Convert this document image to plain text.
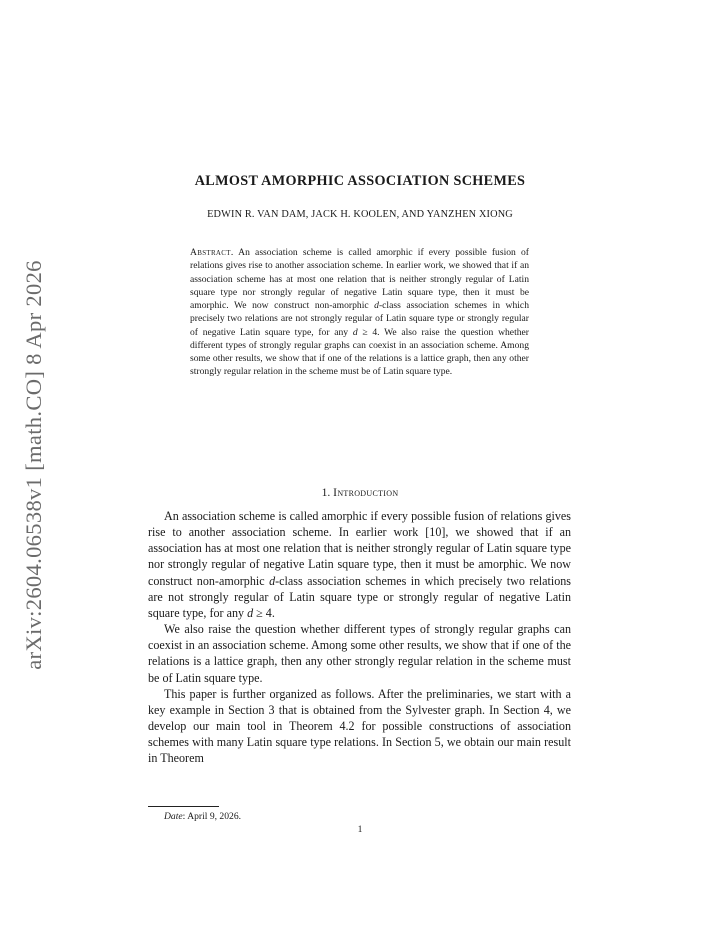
arXiv:2604.06538v1 [math.CO] 8 Apr 2026
ALMOST AMORPHIC ASSOCIATION SCHEMES
EDWIN R. VAN DAM, JACK H. KOOLEN, AND YANZHEN XIONG
Abstract. An association scheme is called amorphic if every possible fusion of relations gives rise to another association scheme. In earlier work, we showed that if an association scheme has at most one relation that is neither strongly regular of Latin square type nor strongly regular of negative Latin square type, then it must be amorphic. We now construct non-amorphic d-class association schemes in which precisely two relations are not strongly regular of Latin square type or strongly regular of negative Latin square type, for any d ≥ 4. We also raise the question whether different types of strongly regular graphs can coexist in an association scheme. Among some other results, we show that if one of the relations is a lattice graph, then any other strongly regular relation in the scheme must be of Latin square type.
1. Introduction

An association scheme is called amorphic if every possible fusion of relations gives rise to another association scheme. In earlier work [10], we showed that if an association has at most one relation that is neither strongly regular of Latin square type nor strongly regular of negative Latin square type, then it must be amorphic. We now construct non-amorphic d-class association schemes in which precisely two relations are not strongly regular of Latin square type or strongly regular of negative Latin square type, for any d ≥ 4.

We also raise the question whether different types of strongly regular graphs can coexist in an association scheme. Among some other results, we show that if one of the relations is a lattice graph, then any other strongly regular relation in the scheme must be of Latin square type.

This paper is further organized as follows. After the preliminaries, we start with a key example in Section 3 that is obtained from the Sylvester graph. In Section 4, we develop our main tool in Theorem 4.2 for possible constructions of association schemes with many Latin square type relations. In Section 5, we obtain our main result in Theorem

Date: April 9, 2026.
1
